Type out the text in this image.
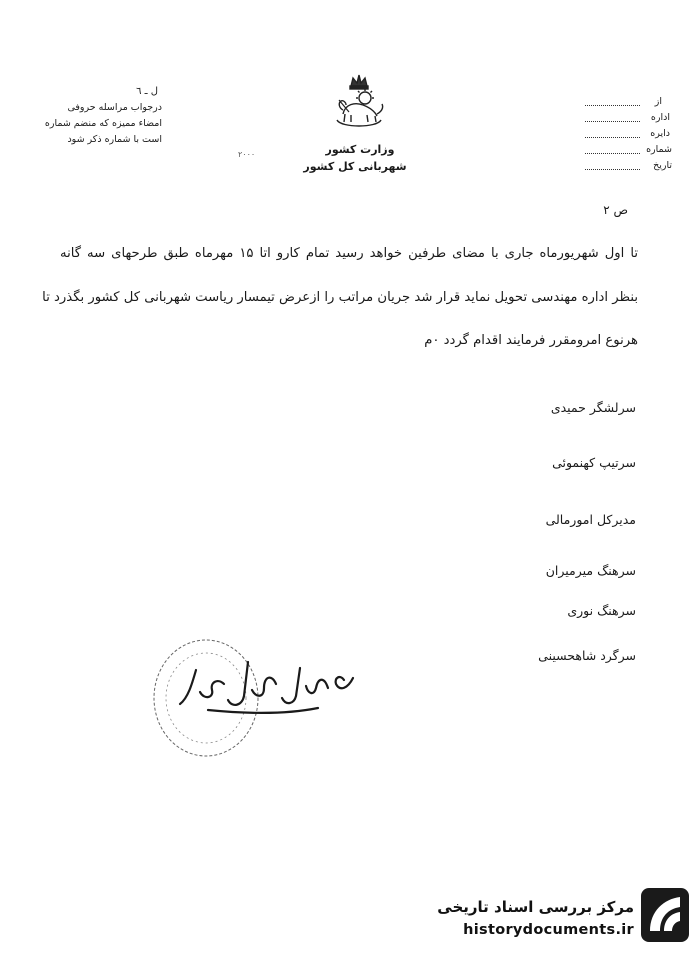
ل ـ ٦
درجواب مراسله حروفی
امضاء ممیزه که منضم شماره
است با شماره ذکر شود
وزارت کشور
شهربانی کل کشور
۲۰۰۰
از
اداره
دایره
شماره
تاریخ
ص ۲
تا اول شهریورماه جاری با مضای طرفین خواهد رسید تمام کارو اتا ۱۵ مهرماه طبق طرحهای سه گانه
بنظر اداره مهندسی تحویل نماید قرار شد جریان مراتب را ازعرض تیمسار ریاست شهربانی کل کشور بگذرد تا
هرنوع امرومقرر فرمایند اقدام گردد ٠م
سرلشگر حمیدی
سرتیپ کهنموئی
مدیرکل امورمالی
سرهنگ میرمیران
سرهنگ نوری
سرگرد شاهحسینی
مرکز بررسی اسناد تاریخی
historydocuments.ir
